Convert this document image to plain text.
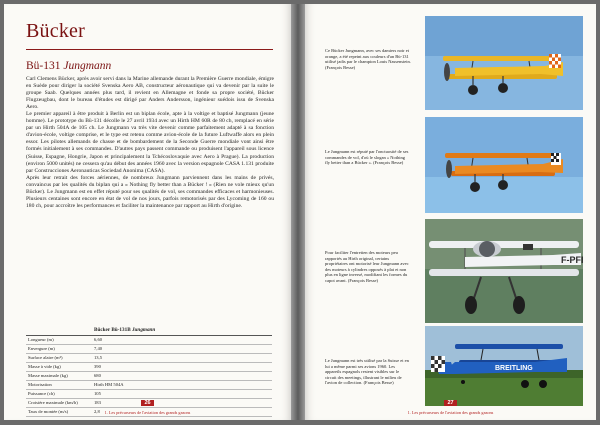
Bücker
Bü-131 Jungmann

Carl Clemens Bücker, après avoir servi dans la Marine allemande durant la Première Guerre mondiale, émigre en Suède pour diriger la société Svenska Aero AB, constructeur aéronautique qui va devenir par la suite le groupe Saab. Quelques années plus tard, il revient en Allemagne et fonde sa propre société, Bücker Flugzeugbau, dont le bureau d'études est dirigé par Anders Andersson, ingénieur suédois issu de Svenska Aero.

Le premier appareil à être produit à Berlin est un biplan école, apte à la voltige et baptisé Jungmann (jeune homme). Le prototype du Bü-131 décolle le 27 avril 1934 avec un Hirth HM 60R de 80 ch, remplacé en série par un Hirth 504A de 105 ch. Le Jungmann va très vite devenir comme parfaitement adapté à sa fonction d'avion-école, voltige comprise, et le type est retenu comme avion-école de la future Luftwaffe alors en plein essor. Les pilotes allemands de chasse et de bombardement de la Seconde Guerre mondiale vont ainsi être formés initialement à ses commandes. D'autres pays passent commande ou produisent l'appareil sous licence (Suisse, Espagne, Hongrie, Japon et principalement la Tchécoslovaquie avec Aero à Prague). La production (environ 5000 unités) ne cessera qu'au début des années 1960 avec la version espagnole CASA 1.131 produite par Construcciones Aeronauticas Sociedad Anonima (CASA).

Après leur retrait des forces aériennes, de nombreux Jungmann parviennent dans les mains de privés, convaincus par les qualités du biplan qui a « Nothing fly better than a Bücker ! » (Rien ne vole mieux qu'un Bücker). Le Jungmann est en effet réputé pour ses qualités de vol, ses commandes efficaces et harmonieuses. Plusieurs centaines sont encore en état de vol de nos jours, parfois remotorisés par des Lycoming de 160 ou 180 ch, pour accroître les performances et faciliter la maintenance par rapport au Hirth d'origine.

	Bücker Bü-131B Jungmann
Longueur (m)	6,60
Envergure (m)	7,40
Surface alaire (m²)	13,5
Masse à vide (kg)	390
Masse maximale (kg)	680
Motorisation	Hirth HM 504A
Puissance (ch)	105
Croisière maximale (km/h)	183
Taux de montée (m/s)	2,8
26
1. Les précurseurs de l'aviation des grands gazons
Ce Bücker Jungmann, avec ses damiers noir et orange, a été repeint aux couleurs d'un Bü-131 utilisé jadis par le champion Louis Nassenstein. (François Besse)
Le Jungmann est réputé par l'onctuosité de ses commandes de vol, d'où le slogan « Nothing fly better than a Bücker ». (François Besse)
Pour faciliter l'entretien des moteurs peu rapportés au Hirth original, certains propriétaires ont motorisé leur Jungmann avec des moteurs à cylindres opposés à plat et non plus en ligne inversé, modifiant les formes du capot avant. (François Besse)
F-PFI
Le Jungmann est très utilisé par la Suisse et en lui a même parmi ses avions 1960. Les appareils espagnols restent visibles sur le circuit des meetings, illustrant le milieu de l'avion de collection. (François Besse)
BREITLING
27
1. Les précurseurs de l'aviation des grands gazons
